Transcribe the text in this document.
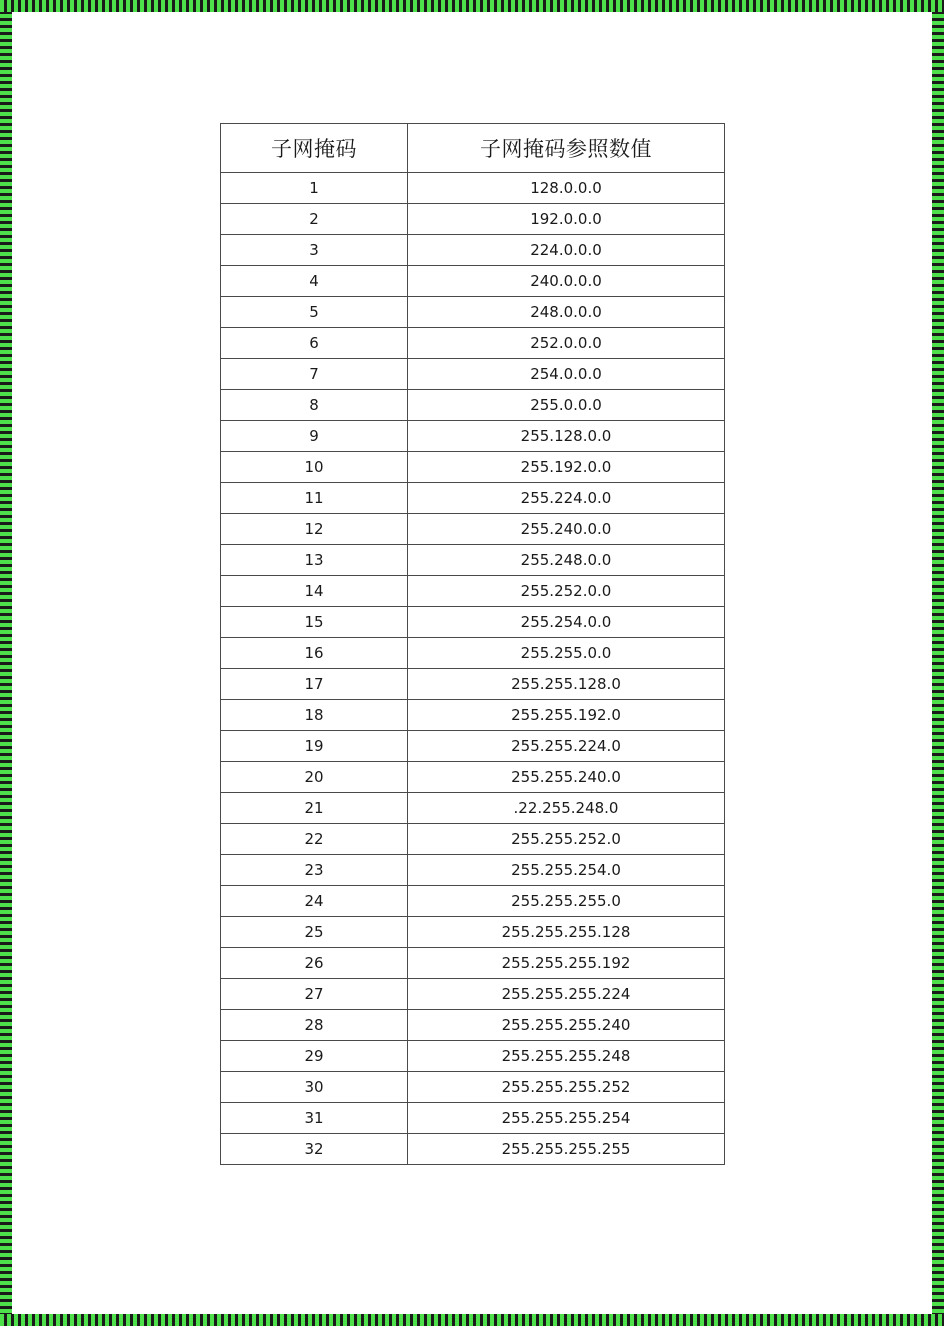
子网掩码	子网掩码参照数值
1	128.0.0.0
2	192.0.0.0
3	224.0.0.0
4	240.0.0.0
5	248.0.0.0
6	252.0.0.0
7	254.0.0.0
8	255.0.0.0
9	255.128.0.0
10	255.192.0.0
11	255.224.0.0
12	255.240.0.0
13	255.248.0.0
14	255.252.0.0
15	255.254.0.0
16	255.255.0.0
17	255.255.128.0
18	255.255.192.0
19	255.255.224.0
20	255.255.240.0
21	.22.255.248.0
22	255.255.252.0
23	255.255.254.0
24	255.255.255.0
25	255.255.255.128
26	255.255.255.192
27	255.255.255.224
28	255.255.255.240
29	255.255.255.248
30	255.255.255.252
31	255.255.255.254
32	255.255.255.255
